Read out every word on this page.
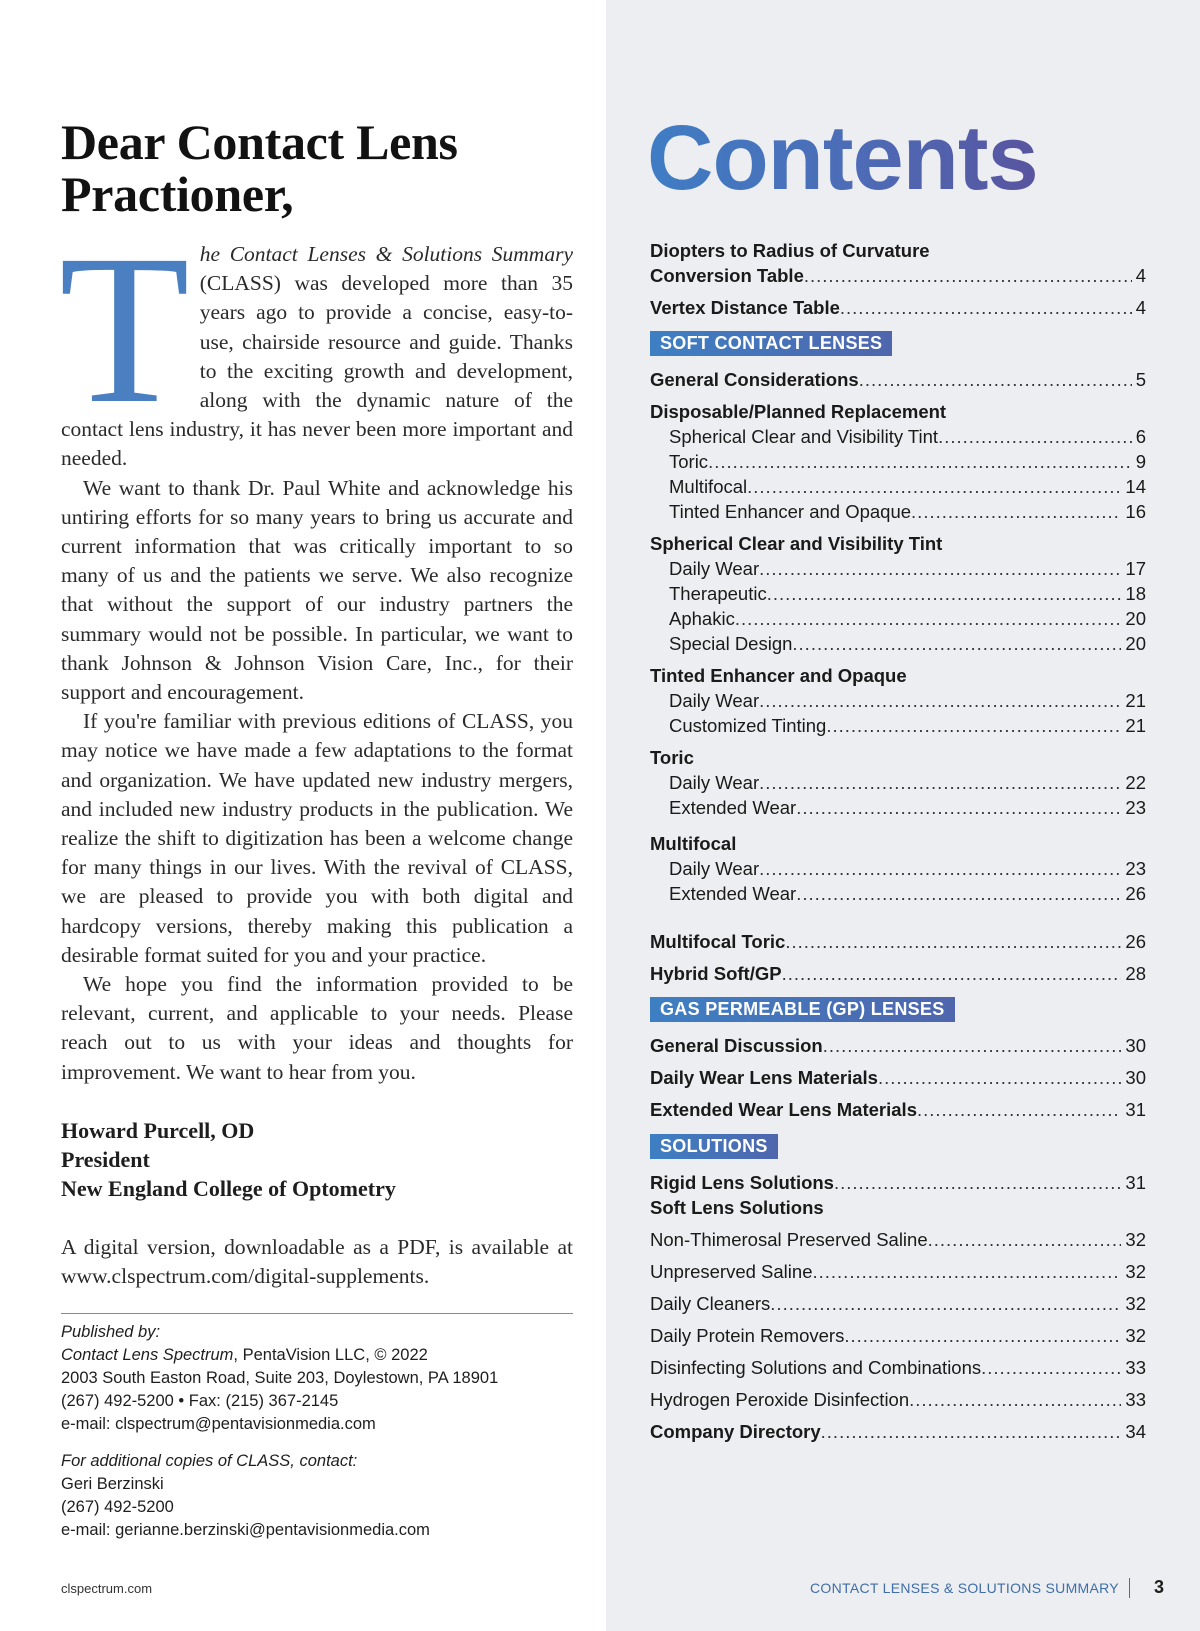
Dear Contact Lens
Practioner,

The Contact Lenses & Solutions Summary (CLASS) was developed more than 35 years ago to provide a concise, easy-to-use, chairside resource and guide. Thanks to the exciting growth and development, along with the dynamic nature of the contact lens industry, it has never been more important and needed.

We want to thank Dr. Paul White and acknowledge his untiring efforts for so many years to bring us accurate and current information that was critically important to so many of us and the patients we serve. We also recognize that without the support of our industry partners the summary would not be possible. In particular, we want to thank Johnson & Johnson Vision Care, Inc., for their support and encouragement.

If you're familiar with previous editions of CLASS, you may notice we have made a few adaptations to the format and organization. We have updated new industry mergers, and included new industry products in the publication. We realize the shift to digitization has been a welcome change for many things in our lives. With the revival of CLASS, we are pleased to provide you with both digital and hardcopy versions, thereby making this publication a desirable format suited for you and your practice.

We hope you find the information provided to be relevant, current, and applicable to your needs. Please reach out to us with your ideas and thoughts for improvement. We want to hear from you.

Howard Purcell, OD
President
New England College of Optometry

A digital version, downloadable as a PDF, is available at www.clspectrum.com/digital-supplements.

Published by:
Contact Lens Spectrum, PentaVision LLC, © 2022
2003 South Easton Road, Suite 203, Doylestown, PA 18901
(267) 492-5200 • Fax: (215) 367-2145
e-mail: clspectrum@pentavisionmedia.com
For additional copies of CLASS, contact:
Geri Berzinski
(267) 492-5200
e-mail: gerianne.berzinski@pentavisionmedia.com
clspectrum.com
Contents
Diopters to Radius of Curvature
Conversion Table .....	4
Vertex Distance Table .....	4
SOFT CONTACT LENSES
General Considerations .....	5
Disposable/Planned Replacement
Spherical Clear and Visibility Tint .....	6
Toric .....	9
Multifocal .....	14
Tinted Enhancer and Opaque .....	16
Spherical Clear and Visibility Tint
Daily Wear .....	17
Therapeutic .....	18
Aphakic .....	20
Special Design .....	20
Tinted Enhancer and Opaque
Daily Wear .....	21
Customized Tinting .....	21
Toric
Daily Wear .....	22
Extended Wear .....	23
Multifocal
Daily Wear .....	23
Extended Wear .....	26
Multifocal Toric .....	26
Hybrid Soft/GP .....	28
GAS PERMEABLE (GP) LENSES
General Discussion .....	30
Daily Wear Lens Materials .....	30
Extended Wear Lens Materials .....	31
SOLUTIONS
Rigid Lens Solutions .....	31
Soft Lens Solutions
Non-Thimerosal Preserved Saline .....	32
Unpreserved Saline .....	32
Daily Cleaners .....	32
Daily Protein Removers .....	32
Disinfecting Solutions and Combinations .....	33
Hydrogen Peroxide Disinfection .....	33
Company Directory .....	34
CONTACT LENSES & SOLUTIONS SUMMARY 3
